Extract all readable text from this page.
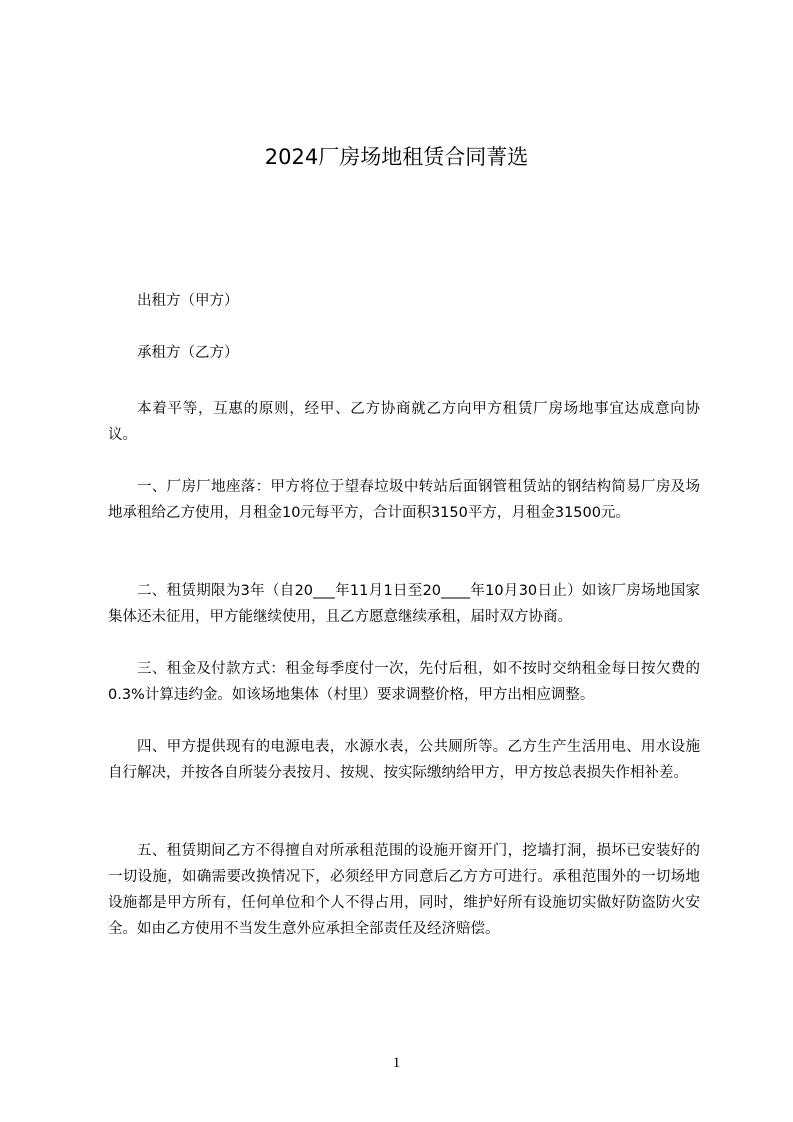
2024厂房场地租赁合同菁选
出租方（甲方）
承租方（乙方）
本着平等，互惠的原则，经甲、乙方协商就乙方向甲方租赁厂房场地事宜达成意向协议。
一、厂房厂地座落：甲方将位于望春垃圾中转站后面钢管租赁站的钢结构简易厂房及场地承租给乙方使用，月租金10元每平方，合计面积3150平方，月租金31500元。
二、租赁期限为3年（自20___年11月1日至20____年10月30日止）如该厂房场地国家集体还未征用，甲方能继续使用，且乙方愿意继续承租，届时双方协商。
三、租金及付款方式：租金每季度付一次，先付后租，如不按时交纳租金每日按欠费的0.3%计算违约金。如该场地集体（村里）要求调整价格，甲方出相应调整。
四、甲方提供现有的电源电表，水源水表，公共厕所等。乙方生产生活用电、用水设施自行解决，并按各自所装分表按月、按规、按实际缴纳给甲方，甲方按总表损失作相补差。
五、租赁期间乙方不得擅自对所承租范围的设施开窗开门，挖墙打洞，损坏已安装好的一切设施，如确需要改换情况下，必须经甲方同意后乙方方可进行。承租范围外的一切场地设施都是甲方所有，任何单位和个人不得占用，同时，维护好所有设施切实做好防盗防火安全。如由乙方使用不当发生意外应承担全部责任及经济赔偿。
1
